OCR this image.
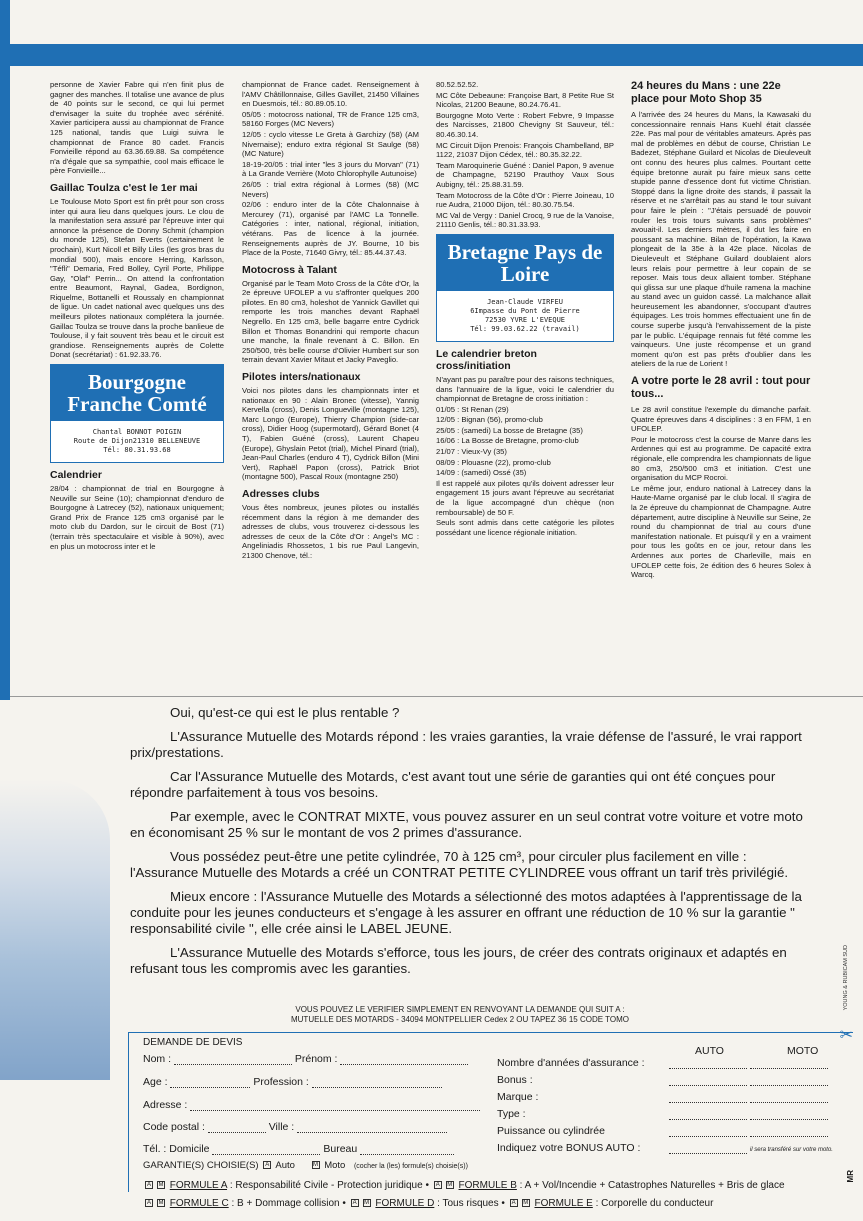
personne de Xavier Fabre qui n'en finit plus de gagner des manches. Il totalise une avance de plus de 40 points sur le second, ce qui lui permet d'envisager la suite du trophée avec sérénité. Xavier participera aussi au championnat de France 125 national, tandis que Luigi suivra le championnat de France 80 cadet. Francis Fonvieille répond au 63.36.69.88. Sa compétence n'a d'égale que sa sympathie, cool mais efficace le père Fonvieille...

Gaillac Toulza c'est le 1er mai

Le Toulouse Moto Sport est fin prêt pour son cross inter qui aura lieu dans quelques jours. Le clou de la manifestation sera assuré par l'épreuve inter qui annonce la présence de Donny Schmit (champion du monde 125), Stefan Everts (certainement le prochain), Kurt Nicoll et Billy Liles (les gros bras du mondial 500), mais encore Herring, Karlsson, "Téfli" Demaria, Fred Bolley, Cyril Porte, Philippe Gay, "Olaf" Perrin... On attend la confrontation entre Beaumont, Raynal, Gadea, Bordignon, Riquelme, Bottanelli et Roussaly en championnat de ligue. Un cadet national avec quelques uns des meilleurs pilotes nationaux complétera la journée. Gaillac Toulza se trouve dans la proche banlieue de Toulouse, il y fait souvent très beau et le circuit est grandiose. Renseignements auprès de Colette Donat (secrétariat) : 61.92.33.76.

Bourgogne Franche Comté
Chantal BONNOT POIGIN
Route de Dijon21310 BELLENEUVE
Tél: 80.31.93.68
Calendrier

28/04 : championnat de trial en Bourgogne à Neuville sur Seine (10); championnat d'enduro de Bourgogne à Latrecey (52), nationaux uniquement; Grand Prix de France 125 cm3 organisé par le moto club du Dardon, sur le circuit de Bost (71) (terrain très spectaculaire et visible à 90%), avec en plus un motocross inter et le

championnat de France cadet. Renseignement à l'AMV Châtillonnaise, Gilles Gavillet, 21450 Villaines en Duesmois, tél.: 80.89.05.10.

05/05 : motocross national, TR de France 125 cm3, 58160 Forges (MC Nevers)

12/05 : cyclo vitesse Le Greta à Garchizy (58) (AM Nivernaise); enduro extra régional St Saulge (58) (MC Nature)

18-19-20/05 : trial inter "les 3 jours du Morvan" (71) à La Grande Verrière (Moto Chlorophylle Autunoise)

26/05 : trial extra régional à Lormes (58) (MC Nevers)

02/06 : enduro inter de la Côte Chalonnaise à Mercurey (71), organisé par l'AMC La Tonnelle. Catégories : inter, national, régional, initiation, vétérans. Pas de licence à la journée. Renseignements auprès de JY. Bourne, 10 bis Place de la Poste, 71640 Givry, tél.: 85.44.37.43.

Motocross à Talant

Organisé par le Team Moto Cross de la Côte d'Or, la 2e épreuve UFOLEP a vu s'affronter quelques 200 pilotes. En 80 cm3, holeshot de Yannick Gavillet qui remporte les trois manches devant Raphaël Negrello. En 125 cm3, belle bagarre entre Cydrick Billon et Thomas Bonandrini qui remporte chacun une manche, la finale revenant à C. Billon. En 250/500, très belle course d'Olivier Humbert sur son terrain devant Xavier Mitaut et Jacky Paveglio.

Pilotes inters/nationaux

Voici nos pilotes dans les championnats inter et nationaux en 90 : Alain Bronec (vitesse), Yannig Kervella (cross), Denis Longueville (montagne 125), Marc Longo (Europe), Thierry Champion (side-car cross), Didier Hoog (supermotard), Gérard Bonet (4 T), Fabien Guéné (cross), Laurent Chapeu (Europe), Ghyslain Petot (trial), Michel Pinard (trial), Jean-Paul Charles (enduro 4 T), Cydrick Billon (Mini Vert), Raphaël Papon (cross), Patrick Briot (montagne 500), Pascal Roux (montagne 250)

Adresses clubs

Vous êtes nombreux, jeunes pilotes ou installés récemment dans la région à me demander des adresses de clubs, vous trouverez ci-dessous les adresses de ceux de la Côte d'Or : Angel's MC : Angeliniadis Rhossetos, 1 bis rue Paul Langevin, 21300 Chenove, tél.:

80.52.52.52.

MC Côte Debeaune: Françoise Bart, 8 Petite Rue St Nicolas, 21200 Beaune, 80.24.76.41.

Bourgogne Moto Verte : Robert Febvre, 9 Impasse des Narcisses, 21800 Chevigny St Sauveur, tél.: 80.46.30.14.

MC Circuit Dijon Prenois: François Chambelland, BP 1122, 21037 Dijon Cédex, tél.: 80.35.32.22.

Team Maroquinerie Guéné : Daniel Papon, 9 avenue de Champagne, 52190 Prauthoy Vaux Sous Aubigny, tél.: 25.88.31.59.

Team Motocross de la Côte d'Or : Pierre Joineau, 10 rue Audra, 21000 Dijon, tél.: 80.30.75.54.

MC Val de Vergy : Daniel Crocq, 9 rue de la Vanoise, 21110 Genlis, tél.: 80.31.33.93.

Bretagne Pays de Loire
Jean-Claude VIRFEU
6Impasse du Pont de Pierre
72530 YVRE L'EVEQUE
Tél: 99.03.62.22 (travail)
Le calendrier breton cross/initiation

N'ayant pas pu paraître pour des raisons techniques, dans l'annuaire de la ligue, voici le calendrier du championnat de Bretagne de cross initiation :

01/05 : St Renan (29)

12/05 : Bignan (56), promo-club

25/05 : (samedi) La bosse de Bretagne (35)

16/06 : La Bosse de Bretagne, promo-club

21/07 : Vieux-Vy (35)

08/09 : Plouasne (22), promo-club

14/09 : (samedi) Ossé (35)

Il est rappelé aux pilotes qu'ils doivent adresser leur engagement 15 jours avant l'épreuve au secrétariat de la ligue accompagné d'un chèque (non remboursable) de 50 F.

Seuls sont admis dans cette catégorie les pilotes possédant une licence régionale initiation.

24 heures du Mans : une 22e place pour Moto Shop 35

A l'arrivée des 24 heures du Mans, la Kawasaki du concessionnaire rennais Hans Kuehl était classée 22e. Pas mal pour de véritables amateurs. Après pas mal de problèmes en début de course, Christian Le Badezet, Stéphane Guilard et Nicolas de Dieuleveult ont connu des heures plus calmes. Pourtant cette équipe bretonne aurait pu faire mieux sans cette stupide panne d'essence dont fut victime Christian. Stoppé dans la ligne droite des stands, il passait la réserve et ne s'arrêtait pas au stand le tour suivant pour faire le plein : "J'étais persuadé de pouvoir rouler les trois tours suivants sans problèmes" avouait-il. Les derniers mètres, il dut les faire en poussant sa machine. Bilan de l'opération, la Kawa plongeait de la 35e à la 42e place. Nicolas de Dieuleveult et Stéphane Guilard doublaient alors leurs relais pour permettre à leur copain de se reposer. Mais tous deux allaient tomber. Stéphane qui glissa sur une plaque d'huile ramena la machine au stand avec un guidon cassé. La malchance allait heureusement les abandonner, s'occupant d'autres équipages. Les trois hommes effectuaient une fin de course superbe jusqu'à l'envahissement de la piste par le public. L'équipage rennais fut fêté comme les vainqueurs. Une juste récompense et un grand moment qu'on est pas prêts d'oublier dans les ateliers de la rue de Lorient !

A votre porte le 28 avril : tout pour tous...

Le 28 avril constitue l'exemple du dimanche parfait. Quatre épreuves dans 4 disciplines : 3 en FFM, 1 en UFOLEP.

Pour le motocross c'est la course de Manre dans les Ardennes qui est au programme. De capacité extra régionale, elle comprendra les championnats de ligue 80 cm3, 250/500 cm3 et initiation. C'est une organisation du MCP Rocroi.

Le même jour, enduro national à Latrecey dans la Haute-Marne organisé par le club local. Il s'agira de la 2e épreuve du championnat de Champagne. Autre département, autre discipline à Neuville sur Seine, 2e round du championnat de trial au cours d'une manifestation nationale. Et puisqu'il y en a vraiment pour tous les goûts en ce jour, retour dans les Ardennes aux portes de Charleville, mais en UFOLEP cette fois, 2e édition des 6 heures Solex à Warcq.

Oui, qu'est-ce qui est le plus rentable ?

L'Assurance Mutuelle des Motards répond : les vraies garanties, la vraie défense de l'assuré, le vrai rapport prix/prestations.

Car l'Assurance Mutuelle des Motards, c'est avant tout une série de garanties qui ont été conçues pour répondre parfaitement à tous vos besoins.

Par exemple, avec le CONTRAT MIXTE, vous pouvez assurer en un seul contrat votre voiture et votre moto en économisant 25 % sur le montant de vos 2 primes d'assurance.

Vous possédez peut-être une petite cylindrée, 70 à 125 cm³, pour circuler plus facilement en ville : l'Assurance Mutuelle des Motards a créé un CONTRAT PETITE CYLINDREE vous offrant un tarif très privilégié.

Mieux encore : l'Assurance Mutuelle des Motards a sélectionné des motos adaptées à l'apprentissage de la conduite pour les jeunes conducteurs et s'engage à les assurer en offrant une réduction de 10 % sur la garantie " responsabilité civile ", elle crée ainsi le LABEL JEUNE.

L'Assurance Mutuelle des Motards s'efforce, tous les jours, de créer des contrats originaux et adaptés en refusant tous les compromis avec les garanties.	YOUNG & RUBICAM SUD
VOUS POUVEZ LE VERIFIER SIMPLEMENT EN RENVOYANT LA DEMANDE QUI SUIT A :
MUTUELLE DES MOTARDS - 34094 MONTPELLIER Cedex 2 OU TAPEZ 36 15 CODE TOMO
✂
DEMANDE DE DEVIS
AUTO	MOTO
Nom :	Prénom :
Age :	Profession :
Adresse :
Code postal :	Ville :
Tél. : Domicile	Bureau
Nombre d'années d'assurance :
Bonus :
Marque :
Type :
Puissance ou cylindrée
Indiquez votre BONUS AUTO :

	il sera transféré sur votre moto.
GARANTIE(S) CHOISIE(S) A Auto	M Moto (cocher la (les) formule(s) choisie(s))
A M FORMULE A : Responsabilité Civile - Protection juridique • A M FORMULE B : A + Vol/Incendie + Catastrophes Naturelles + Bris de glace
A M FORMULE C : B + Dommage collision • A M FORMULE D : Tous risques • A M FORMULE E : Corporelle du conducteur
MR
